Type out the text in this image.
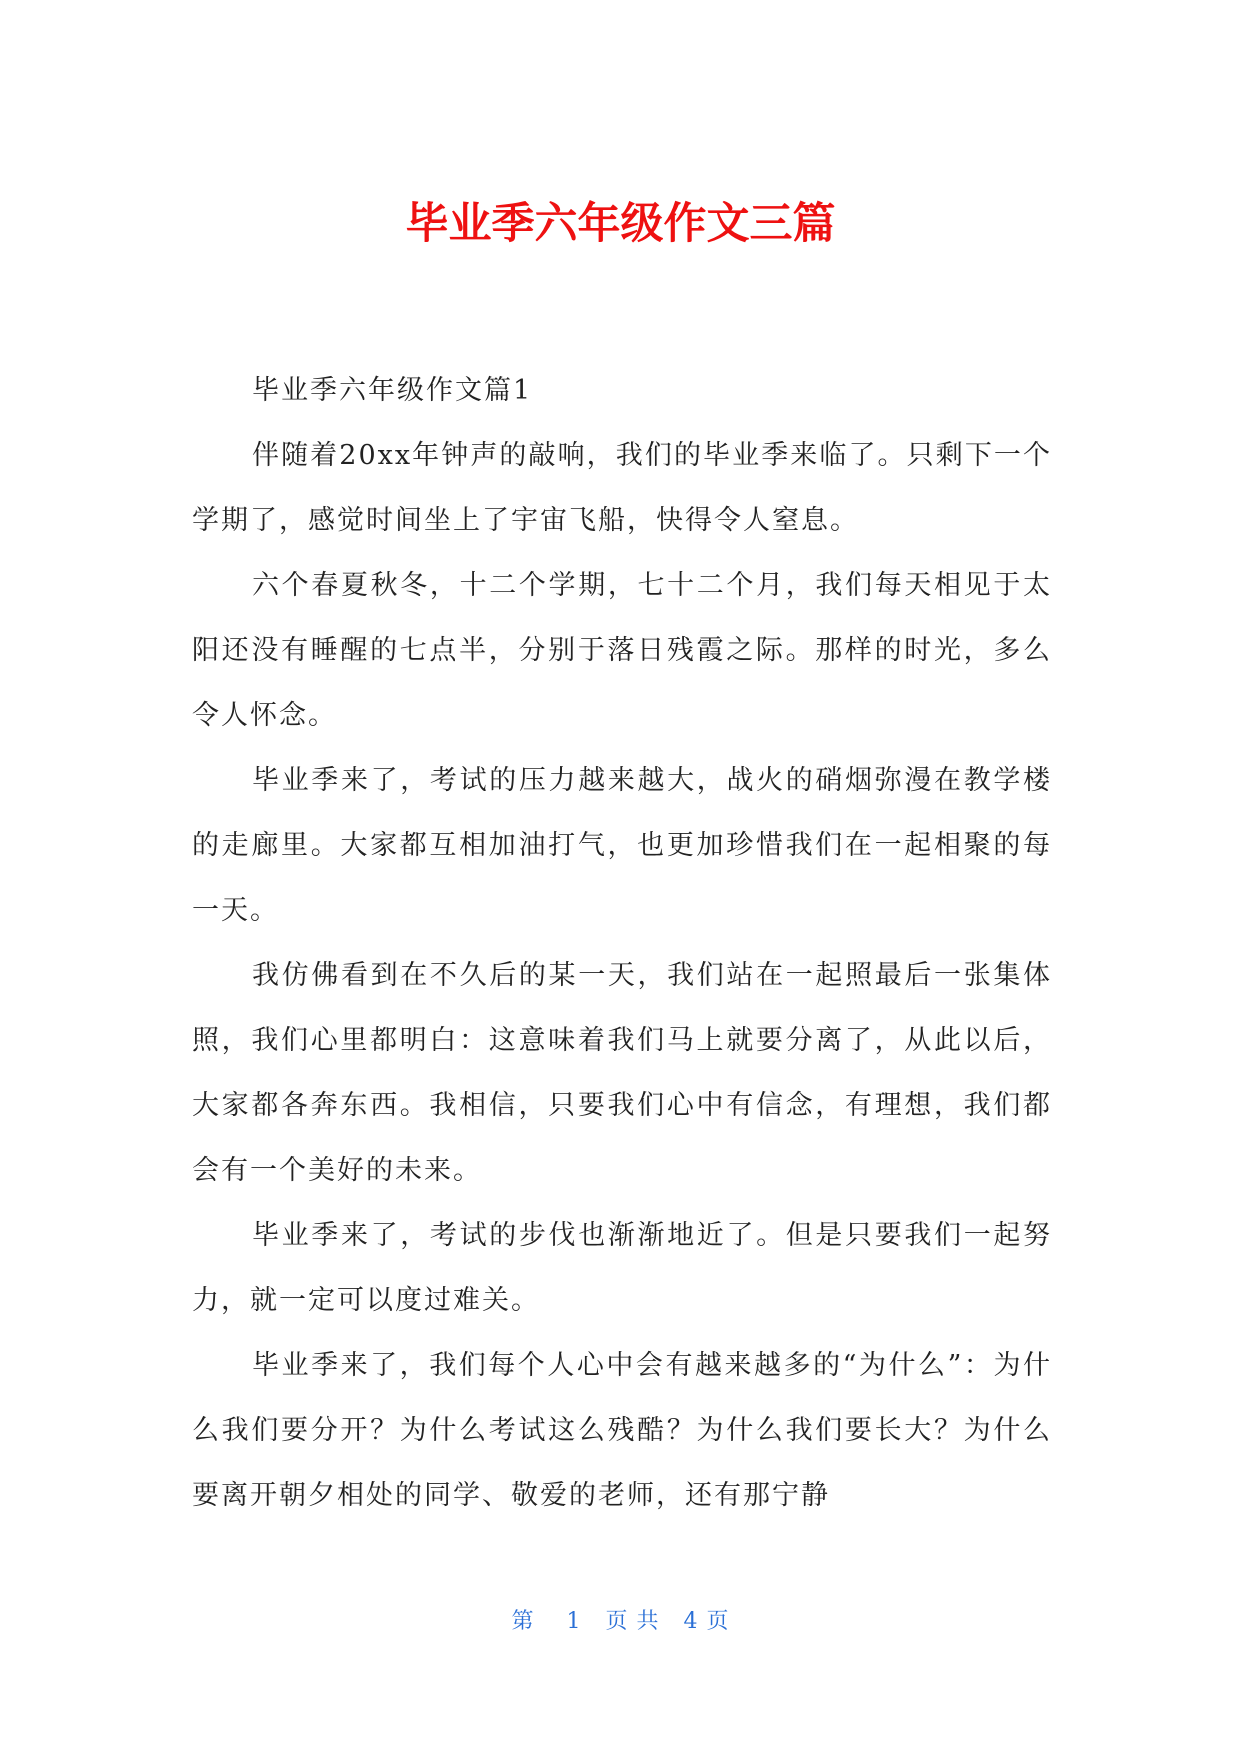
毕业季六年级作文三篇

毕业季六年级作文篇1

伴随着20xx年钟声的敲响，我们的毕业季来临了。只剩下一个学期了，感觉时间坐上了宇宙飞船，快得令人窒息。

六个春夏秋冬，十二个学期，七十二个月，我们每天相见于太阳还没有睡醒的七点半，分别于落日残霞之际。那样的时光，多么令人怀念。

毕业季来了，考试的压力越来越大，战火的硝烟弥漫在教学楼的走廊里。大家都互相加油打气，也更加珍惜我们在一起相聚的每一天。

我仿佛看到在不久后的某一天，我们站在一起照最后一张集体照，我们心里都明白：这意味着我们马上就要分离了，从此以后，大家都各奔东西。我相信，只要我们心中有信念，有理想，我们都会有一个美好的未来。

毕业季来了，考试的步伐也渐渐地近了。但是只要我们一起努力，就一定可以度过难关。

毕业季来了，我们每个人心中会有越来越多的“为什么”：为什么我们要分开？为什么考试这么残酷？为什么我们要长大？为什么要离开朝夕相处的同学、敬爱的老师，还有那宁静

第 1 页 共 4 页
